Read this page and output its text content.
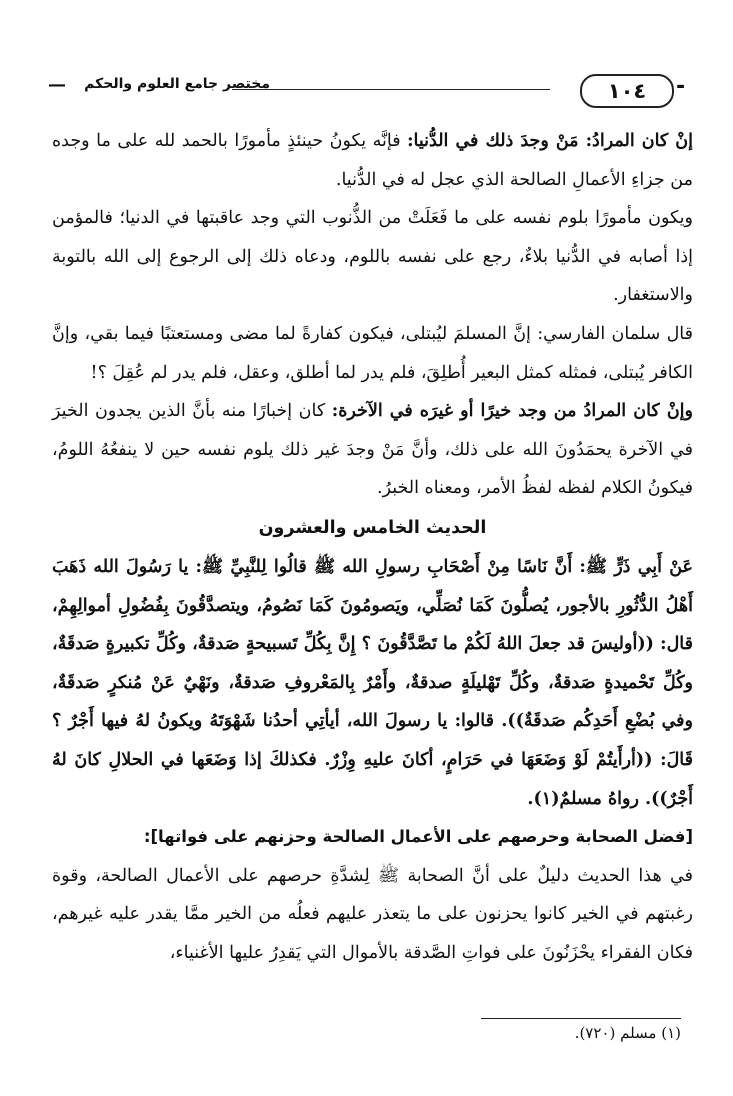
-
١٠٤
مختصر جامع العلوم والحكم
—

إنْ كان المرادُ: مَنْ وجدَ ذلك في الدُّنيا: فإنَّه يكونُ حينئذٍ مأمورًا بالحمد لله على ما وجده من جزاءِ الأعمالِ الصالحة الذي عجل له في الدُّنيا.

ويكون مأمورًا بلوم نفسه على ما فَعَلَتْ من الذُّنوب التي وجد عاقبتها في الدنيا؛ فالمؤمن إذا أصابه في الدُّنيا بلاءٌ، رجع على نفسه باللوم، ودعاه ذلك إلى الرجوع إلى الله بالتوبة والاستغفار.

قال سلمان الفارسي: إنَّ المسلمَ ليُبتلى، فيكون كفارةً لما مضى ومستعتبًا فيما بقي، وإنَّ الكافر يُبتلى، فمثله كمثل البعير أُطلِقَ، فلم يدر لما أطلق، وعقل، فلم يدر لم عُقِلَ ؟!

وإنْ كان المرادُ من وجد خيرًا أو غيرَه في الآخرة: كان إخبارًا منه بأنَّ الذين يجدون الخيرَ في الآخرة يحمَدُونَ الله على ذلك، وأنَّ مَنْ وجدَ غير ذلك يلوم نفسه حين لا ينفعُهُ اللومُ، فيكونُ الكلام لفظه لفظُ الأمر، ومعناه الخبرُ.

الحديث الخامس والعشرون

عَنْ أَبِي ذَرٍّ ﷺ: أَنَّ نَاسًا مِنْ أَصْحَابِ رسولِ الله ﷺ قالُوا لِلنَّبِيِّ ﷺ: يا رَسُولَ الله ذَهَبَ أَهْلُ الدُّثُورِ بالأجور، يُصلُّونَ كَمَا نُصَلِّي، ويَصومُونَ كَمَا نَصُومُ، ويتصدَّقُونَ بِفُضُولِ أموالِهِمْ، قال: ((أوليسَ قد جعلَ اللهُ لَكُمْ ما تَصَّدَّقُونَ ؟ إِنَّ بِكُلِّ تَسبيحةٍ صَدقةٌ، وكُلِّ تكبيرةٍ صَدقَةٌ، وكُلِّ تَحْميدةٍ صَدقةٌ، وكُلِّ تَهْليلَةٍ صدقةٌ، وأَمْرٌ بِالمَعْروفِ صَدقةٌ، ونَهْيٌ عَنْ مُنكرٍ صَدقَةٌ، وفي بُضْعِ أَحَدِكُم صَدقَةٌ)). قالوا: يا رسولَ الله، أيأتِي أحدُنا شَهْوَتَهُ ويكونُ لهُ فيها أَجْرٌ ؟ قَالَ: ((أرأَيتُمْ لَوْ وَضَعَهَا في حَرَامٍ، أكانَ عليهِ وِزْرٌ. فكذلكَ إذا وَضَعَها في الحلالِ كانَ لهُ أَجْرٌ)). رواهُ مسلمٌ(١).

[فضل الصحابة وحرصهم على الأعمال الصالحة وحزنهم على فواتها]:

في هذا الحديث دليلٌ على أنَّ الصحابة ﷺ لِشدَّةِ حرصهم على الأعمال الصالحة، وقوة رغبتهم في الخير كانوا يحزنون على ما يتعذر عليهم فعلُه من الخير ممَّا يقدر عليه غيرهم، فكان الفقراء يحْزَنُونَ على فواتِ الصَّدقة بالأموال التي يَقدِرُ عليها الأغنياء،

(١) مسلم (٧٢٠).
